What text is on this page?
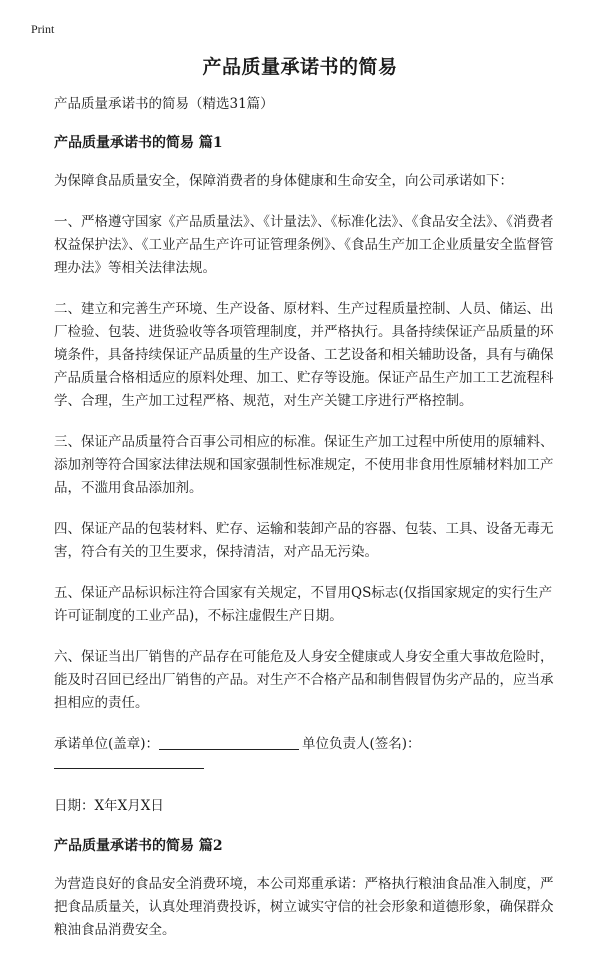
Print
产品质量承诺书的简易

产品质量承诺书的简易（精选31篇）

产品质量承诺书的简易 篇1

为保障食品质量安全，保障消费者的身体健康和生命安全，向公司承诺如下：

一、严格遵守国家《产品质量法》、《计量法》、《标准化法》、《食品安全法》、《消费者权益保护法》、《工业产品生产许可证管理条例》、《食品生产加工企业质量安全监督管理办法》等相关法律法规。

二、建立和完善生产环境、生产设备、原材料、生产过程质量控制、人员、储运、出厂检验、包装、进货验收等各项管理制度，并严格执行。具备持续保证产品质量的环境条件，具备持续保证产品质量的生产设备、工艺设备和相关辅助设备，具有与确保产品质量合格相适应的原料处理、加工、贮存等设施。保证产品生产加工工艺流程科学、合理，生产加工过程严格、规范，对生产关键工序进行严格控制。

三、保证产品质量符合百事公司相应的标准。保证生产加工过程中所使用的原辅料、添加剂等符合国家法律法规和国家强制性标准规定，不使用非食用性原辅材料加工产品，不滥用食品添加剂。

四、保证产品的包装材料、贮存、运输和装卸产品的容器、包装、工具、设备无毒无害，符合有关的卫生要求，保持清洁，对产品无污染。

五、保证产品标识标注符合国家有关规定，不冒用QS标志(仅指国家规定的实行生产许可证制度的工业产品)，不标注虚假生产日期。

六、保证当出厂销售的产品存在可能危及人身安全健康或人身安全重大事故危险时，能及时召回已经出厂销售的产品。对生产不合格产品和制售假冒伪劣产品的，应当承担相应的责任。

承诺单位(盖章)：	单位负责人(签名)：

日期：X年X月X日

产品质量承诺书的简易 篇2

为营造良好的食品安全消费环境，本公司郑重承诺：严格执行粮油食品准入制度，严把食品质量关，认真处理消费投诉，树立诚实守信的社会形象和道德形象，确保群众粮油食品消费安全。
